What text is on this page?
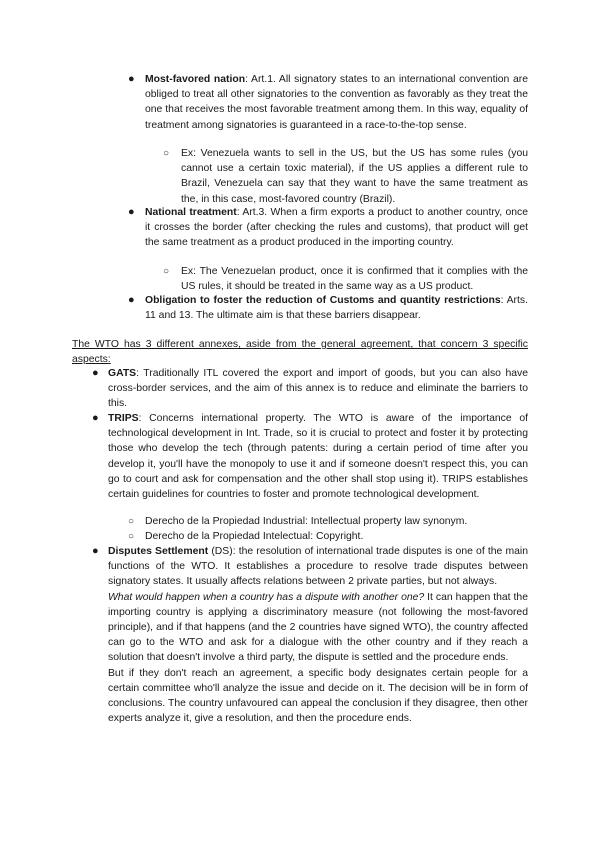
● Most-favored nation: Art.1. All signatory states to an international convention are obliged to treat all other signatories to the convention as favorably as they treat the one that receives the most favorable treatment among them. In this way, equality of treatment among signatories is guaranteed in a race-to-the-top sense.
○ Ex: Venezuela wants to sell in the US, but the US has some rules (you cannot use a certain toxic material), if the US applies a different rule to Brazil, Venezuela can say that they want to have the same treatment as the, in this case, most-favored country (Brazil).
● National treatment: Art.3. When a firm exports a product to another country, once it crosses the border (after checking the rules and customs), that product will get the same treatment as a product produced in the importing country.
○ Ex: The Venezuelan product, once it is confirmed that it complies with the US rules, it should be treated in the same way as a US product.
● Obligation to foster the reduction of Customs and quantity restrictions: Arts. 11 and 13. The ultimate aim is that these barriers disappear.
The WTO has 3 different annexes, aside from the general agreement, that concern 3 specific aspects:
● GATS: Traditionally ITL covered the export and import of goods, but you can also have cross-border services, and the aim of this annex is to reduce and eliminate the barriers to this.
● TRIPS: Concerns international property. The WTO is aware of the importance of technological development in Int. Trade, so it is crucial to protect and foster it by protecting those who develop the tech (through patents: during a certain period of time after you develop it, you'll have the monopoly to use it and if someone doesn't respect this, you can go to court and ask for compensation and the other shall stop using it). TRIPS establishes certain guidelines for countries to foster and promote technological development.
○ Derecho de la Propiedad Industrial: Intellectual property law synonym.
○ Derecho de la Propiedad Intelectual: Copyright.
● Disputes Settlement (DS): the resolution of international trade disputes is one of the main functions of the WTO. It establishes a procedure to resolve trade disputes between signatory states. It usually affects relations between 2 private parties, but not always.

What would happen when a country has a dispute with another one? It can happen that the importing country is applying a discriminatory measure (not following the most-favored principle), and if that happens (and the 2 countries have signed WTO), the country affected can go to the WTO and ask for a dialogue with the other country and if they reach a solution that doesn't involve a third party, the dispute is settled and the procedure ends.

But if they don't reach an agreement, a specific body designates certain people for a certain committee who'll analyze the issue and decide on it. The decision will be in form of conclusions. The country unfavoured can appeal the conclusion if they disagree, then other experts analyze it, give a resolution, and then the procedure ends.
